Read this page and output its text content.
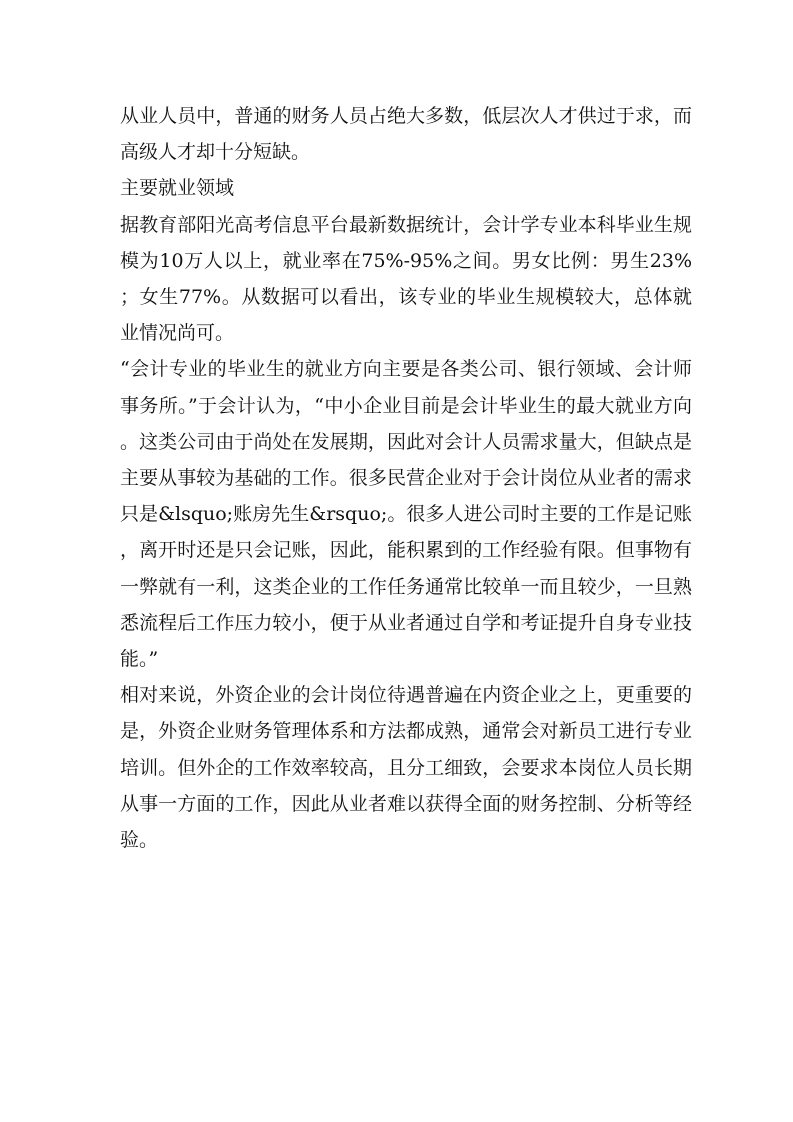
从业人员中，普通的财务人员占绝大多数，低层次人才供过于求，而高级人才却十分短缺。

主要就业领域

据教育部阳光高考信息平台最新数据统计，会计学专业本科毕业生规模为10万人以上，就业率在75%-95%之间。男女比例：男生23%；女生77%。从数据可以看出，该专业的毕业生规模较大，总体就业情况尚可。

“会计专业的毕业生的就业方向主要是各类公司、银行领域、会计师事务所。”于会计认为，“中小企业目前是会计毕业生的最大就业方向。这类公司由于尚处在发展期，因此对会计人员需求量大，但缺点是主要从事较为基础的工作。很多民营企业对于会计岗位从业者的需求只是&lsquo;账房先生&rsquo;。很多人进公司时主要的工作是记账，离开时还是只会记账，因此，能积累到的工作经验有限。但事物有一弊就有一利，这类企业的工作任务通常比较单一而且较少，一旦熟悉流程后工作压力较小，便于从业者通过自学和考证提升自身专业技能。”

相对来说，外资企业的会计岗位待遇普遍在内资企业之上，更重要的是，外资企业财务管理体系和方法都成熟，通常会对新员工进行专业培训。但外企的工作效率较高，且分工细致，会要求本岗位人员长期从事一方面的工作，因此从业者难以获得全面的财务控制、分析等经验。
